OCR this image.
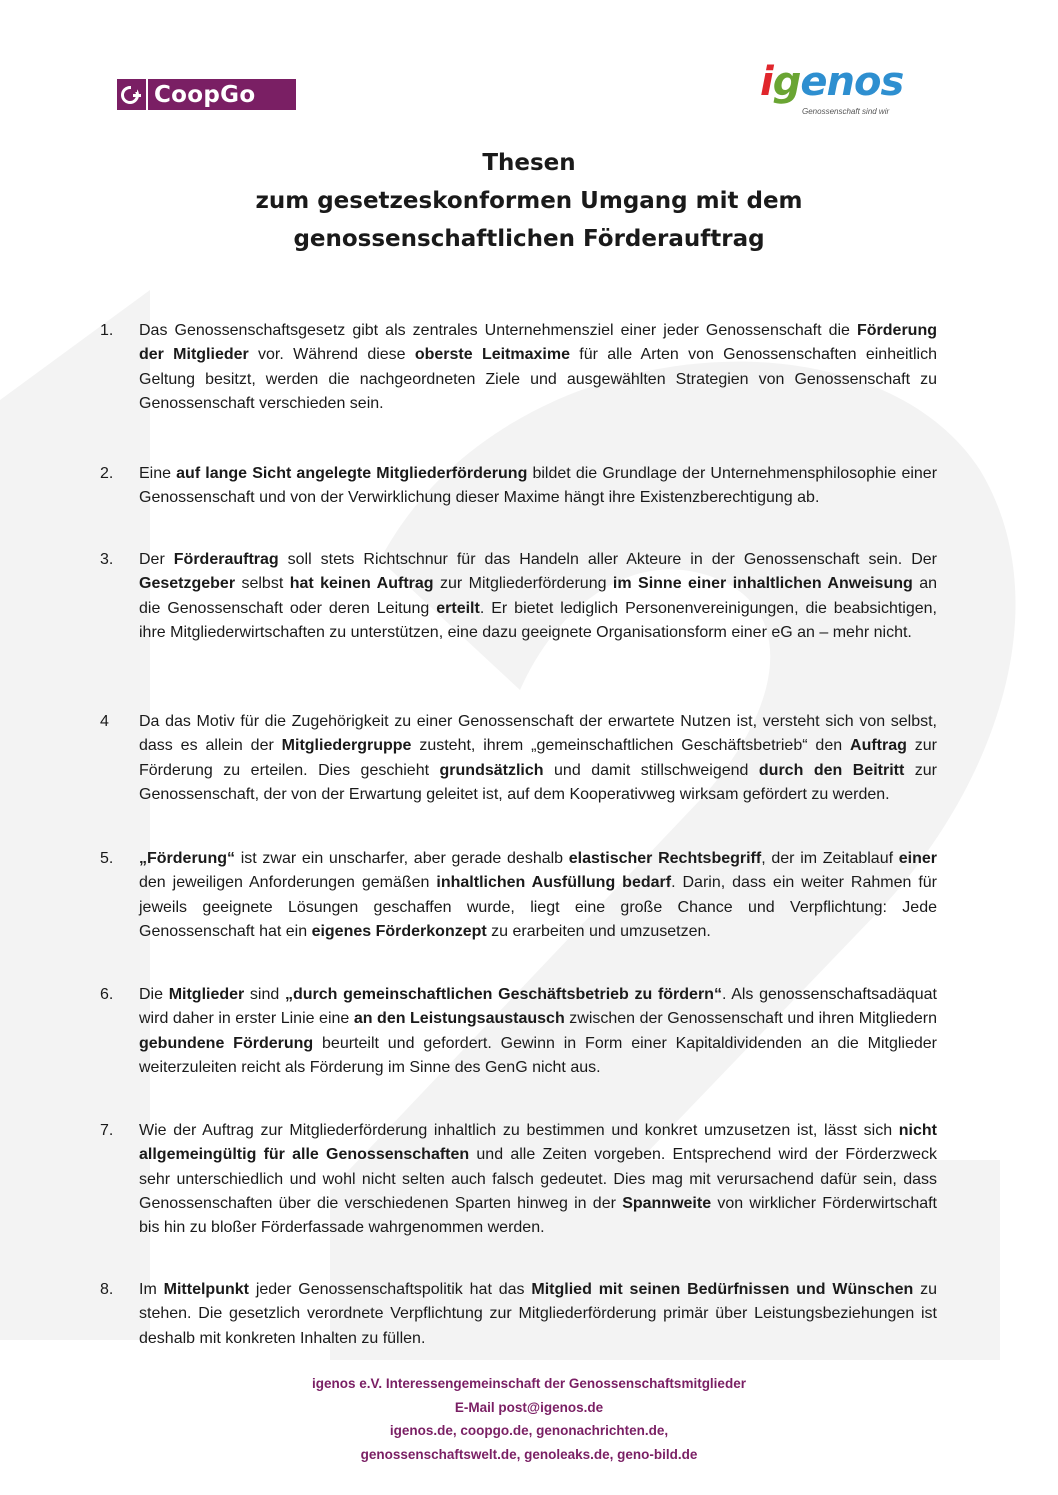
CoopGo	igenos
Genossenschaft sind wir
Thesen
zum gesetzeskonformen Umgang mit dem
genossenschaftlichen Förderauftrag
1. Das Genossenschaftsgesetz gibt als zentrales Unternehmensziel einer jeder Genossenschaft die Förderung der Mitglieder vor. Während diese oberste Leitmaxime für alle Arten von Genossenschaften einheitlich Geltung besitzt, werden die nachgeordneten Ziele und ausgewählten Strategien von Genossenschaft zu Genossenschaft verschieden sein.
2. Eine auf lange Sicht angelegte Mitgliederförderung bildet die Grundlage der Unternehmensphilosophie einer Genossenschaft und von der Verwirklichung dieser Maxime hängt ihre Existenzberechtigung ab.
3. Der Förderauftrag soll stets Richtschnur für das Handeln aller Akteure in der Genossenschaft sein. Der Gesetzgeber selbst hat keinen Auftrag zur Mitgliederförderung im Sinne einer inhaltlichen Anweisung an die Genossenschaft oder deren Leitung erteilt. Er bietet lediglich Personenvereinigungen, die beabsichtigen, ihre Mitgliederwirtschaften zu unterstützen, eine dazu geeignete Organisationsform einer eG an – mehr nicht.
4 Da das Motiv für die Zugehörigkeit zu einer Genossenschaft der erwartete Nutzen ist, versteht sich von selbst, dass es allein der Mitgliedergruppe zusteht, ihrem „gemeinschaftlichen Geschäftsbetrieb“ den Auftrag zur Förderung zu erteilen. Dies geschieht grundsätzlich und damit stillschweigend durch den Beitritt zur Genossenschaft, der von der Erwartung geleitet ist, auf dem Kooperativweg wirksam gefördert zu werden.
5. „Förderung“ ist zwar ein unscharfer, aber gerade deshalb elastischer Rechtsbegriff, der im Zeitablauf einer den jeweiligen Anforderungen gemäßen inhaltlichen Ausfüllung bedarf. Darin, dass ein weiter Rahmen für jeweils geeignete Lösungen geschaffen wurde, liegt eine große Chance und Verpflichtung: Jede Genossenschaft hat ein eigenes Förderkonzept zu erarbeiten und umzusetzen.
6. Die Mitglieder sind „durch gemeinschaftlichen Geschäftsbetrieb zu fördern“. Als genossenschaftsadäquat wird daher in erster Linie eine an den Leistungsaustausch zwischen der Genossenschaft und ihren Mitgliedern gebundene Förderung beurteilt und gefordert. Gewinn in Form einer Kapitaldividenden an die Mitglieder weiterzuleiten reicht als Förderung im Sinne des GenG nicht aus.
7. Wie der Auftrag zur Mitgliederförderung inhaltlich zu bestimmen und konkret umzusetzen ist, lässt sich nicht allgemeingültig für alle Genossenschaften und alle Zeiten vorgeben. Entsprechend wird der Förderzweck sehr unterschiedlich und wohl nicht selten auch falsch gedeutet. Dies mag mit verursachend dafür sein, dass Genossenschaften über die verschiedenen Sparten hinweg in der Spannweite von wirklicher Förderwirtschaft bis hin zu bloßer Förderfassade wahrgenommen werden.
8. Im Mittelpunkt jeder Genossenschaftspolitik hat das Mitglied mit seinen Bedürfnissen und Wünschen zu stehen. Die gesetzlich verordnete Verpflichtung zur Mitgliederförderung primär über Leistungsbeziehungen ist deshalb mit konkreten Inhalten zu füllen.
igenos e.V. Interessengemeinschaft der Genossenschaftsmitglieder
E-Mail post@igenos.de
igenos.de, coopgo.de, genonachrichten.de,
genossenschaftswelt.de, genoleaks.de, geno-bild.de
